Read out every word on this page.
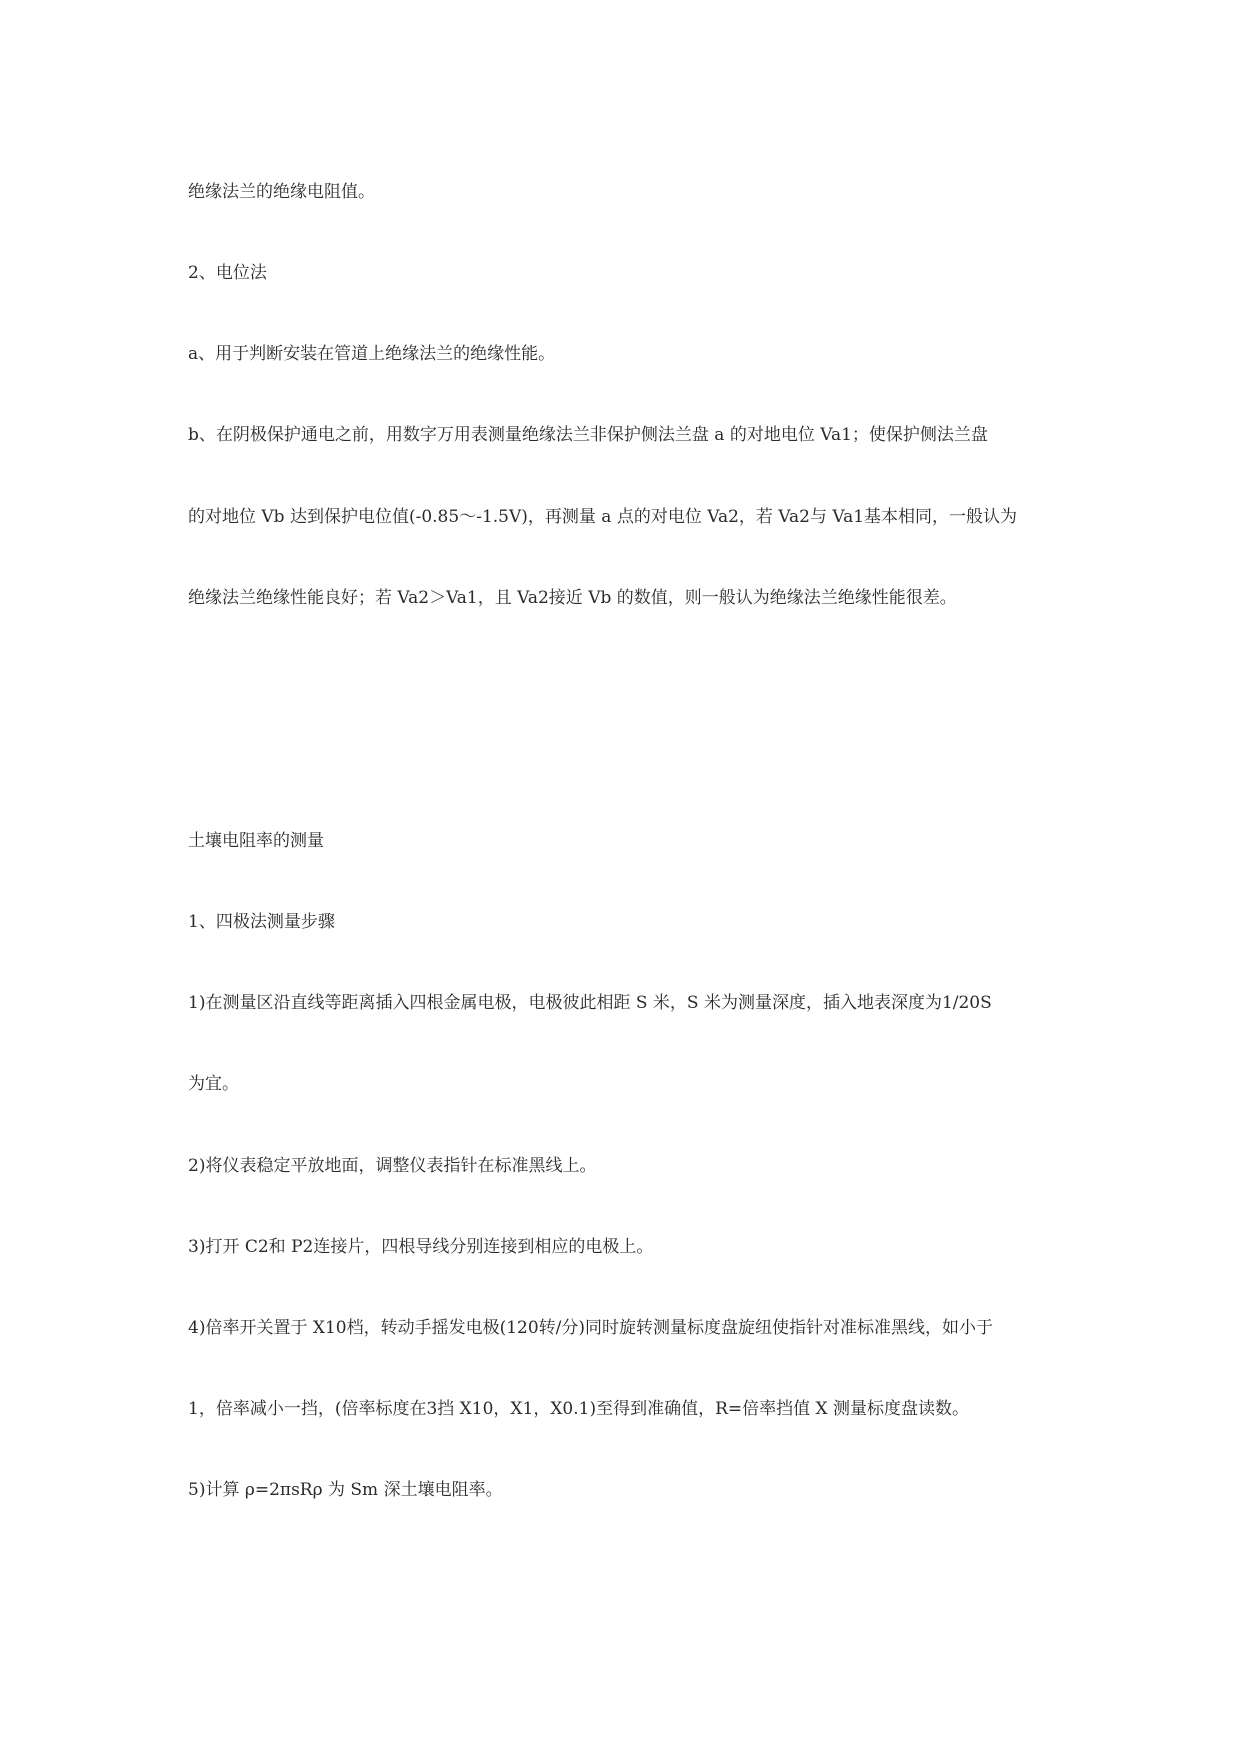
绝缘法兰的绝缘电阻值。
2、电位法
a、用于判断安装在管道上绝缘法兰的绝缘性能。
b、在阴极保护通电之前，用数字万用表测量绝缘法兰非保护侧法兰盘 a 的对地电位 Va1；使保护侧法兰盘
的对地位 Vb 达到保护电位值(-0.85～-1.5V)，再测量 a 点的对电位 Va2，若 Va2与 Va1基本相同，一般认为
绝缘法兰绝缘性能良好；若 Va2＞Va1，且 Va2接近 Vb 的数值，则一般认为绝缘法兰绝缘性能很差。
土壤电阻率的测量
1、四极法测量步骤
1)在测量区沿直线等距离插入四根金属电极，电极彼此相距 S 米，S 米为测量深度，插入地表深度为1/20S
为宜。
2)将仪表稳定平放地面，调整仪表指针在标准黑线上。
3)打开 C2和 P2连接片，四根导线分别连接到相应的电极上。
4)倍率开关置于 X10档，转动手摇发电极(120转/分)同时旋转测量标度盘旋纽使指针对准标准黑线，如小于
1，倍率减小一挡，(倍率标度在3挡 X10，X1，X0.1)至得到准确值，R=倍率挡值 X 测量标度盘读数。
5)计算 ρ=2πsRρ 为 Sm 深土壤电阻率。
